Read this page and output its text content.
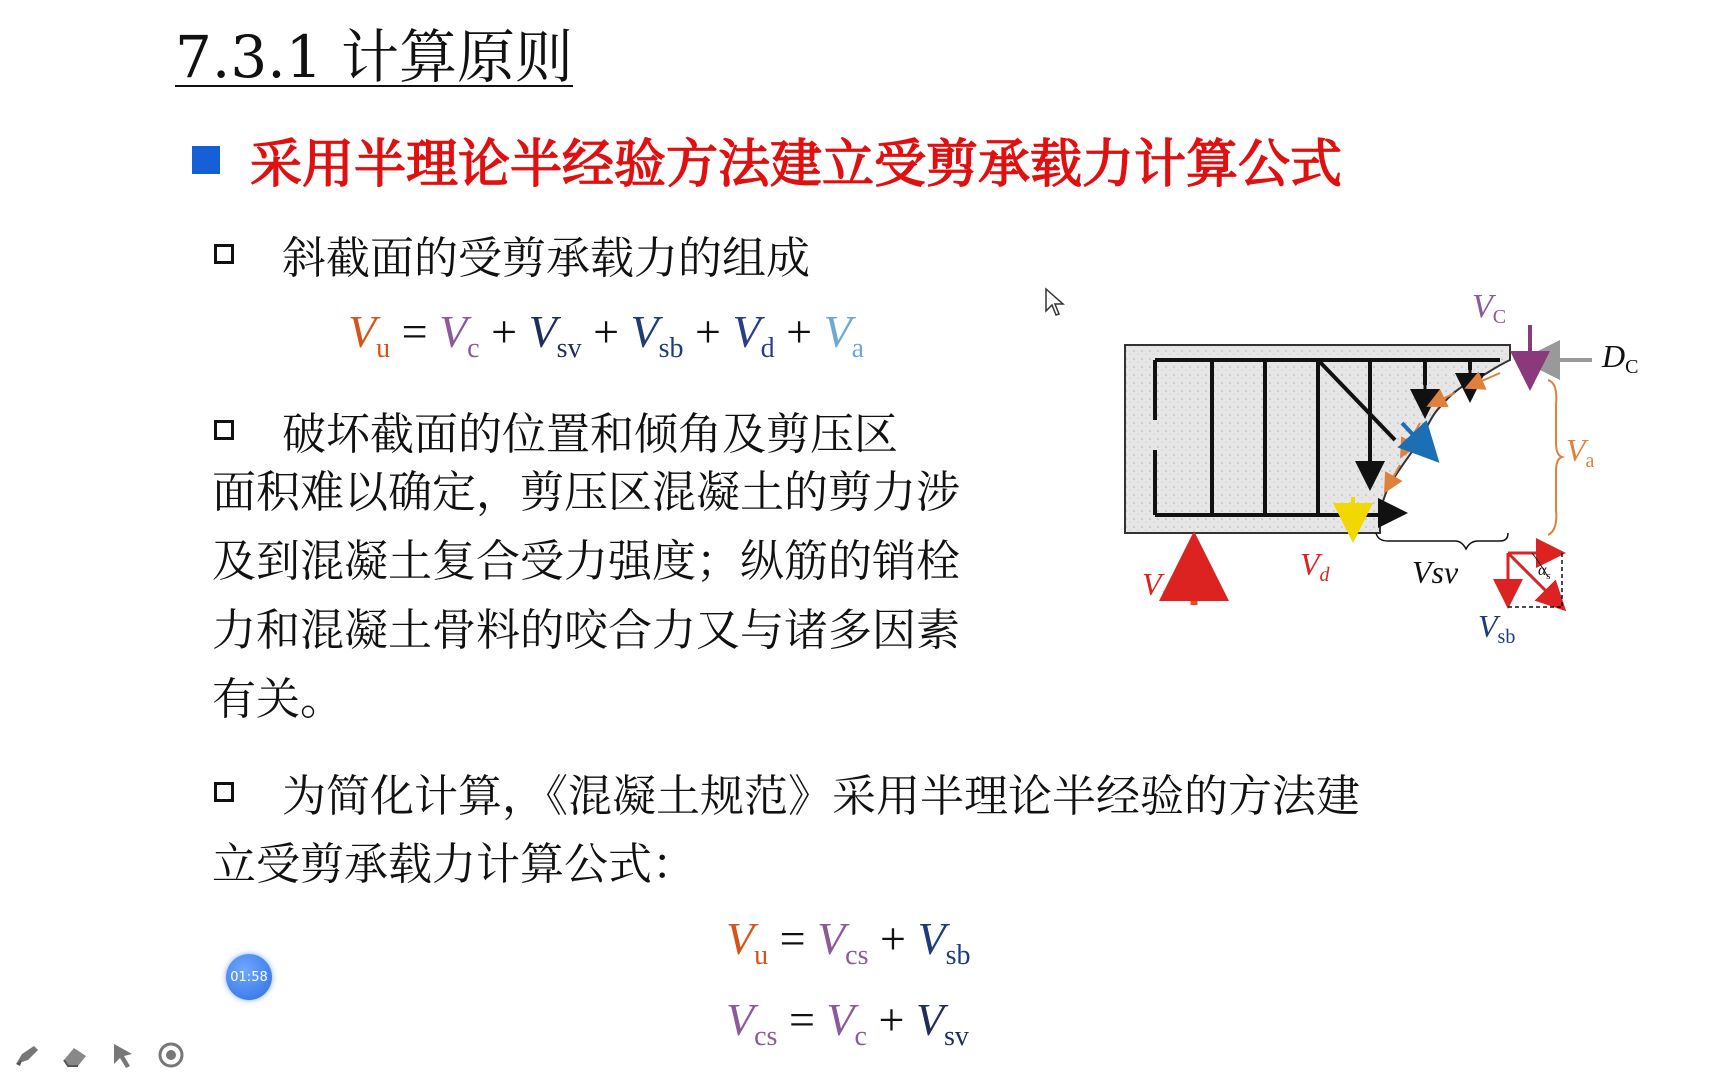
7.3.1 计算原则
采用半理论半经验方法建立受剪承载力计算公式
斜截面的受剪承载力的组成
$V_u = V_c + V_{sv} + V_{sb} + V_d + V_a$
破坏截面的位置和倾角及剪压区
面积难以确定，剪压区混凝土的剪力涉及到混凝土复合受力强度；纵筋的销栓力和混凝土骨料的咬合力又与诸多因素有关。
为简化计算，《混凝土规范》采用半理论半经验的方法建
立受剪承载力计算公式：
$V_u = V_{cs} + V_{sb}$
$V_{cs} = V_c + V_{sv}$
VC
DC
Va
Vu
Vd	Vsv
Vsb
$\alpha_s$
01:58
